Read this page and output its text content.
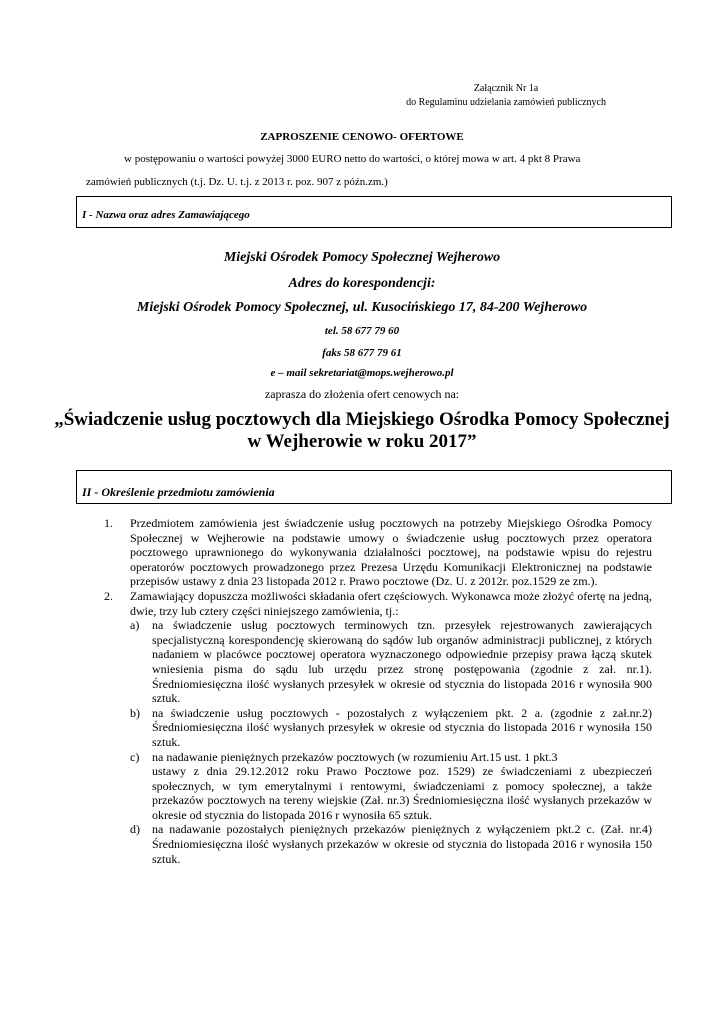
Załącznik Nr 1a
do Regulaminu udzielania zamówień publicznych
ZAPROSZENIE CENOWO- OFERTOWE
w postępowaniu o wartości powyżej 3000 EURO netto do wartości, o której mowa w art. 4 pkt 8 Prawa
zamówień publicznych (t.j. Dz. U. t.j. z 2013 r. poz. 907 z późn.zm.)
I - Nazwa oraz adres Zamawiającego
Miejski Ośrodek Pomocy Społecznej Wejherowo
Adres do korespondencji:
Miejski Ośrodek Pomocy Społecznej, ul. Kusocińskiego 17, 84-200 Wejherowo
tel. 58 677 79 60
faks 58 677 79 61
e – mail sekretariat@mops.wejherowo.pl
zaprasza do złożenia ofert cenowych na:
„Świadczenie usług pocztowych dla Miejskiego Ośrodka Pomocy Społecznej
w Wejherowie w roku 2017”
II - Określenie przedmiotu zamówienia
1.	Przedmiotem zamówienia jest świadczenie usług pocztowych na potrzeby Miejskiego Ośrodka Pomocy Społecznej w Wejherowie na podstawie umowy o świadczenie usług pocztowych przez operatora pocztowego uprawnionego do wykonywania działalności pocztowej, na podstawie wpisu do rejestru operatorów pocztowych prowadzonego przez Prezesa Urzędu Komunikacji Elektronicznej na podstawie przepisów ustawy z dnia 23 listopada 2012 r. Prawo pocztowe (Dz. U. z 2012r. poz.1529 ze zm.).
2.	Zamawiający dopuszcza możliwości składania ofert częściowych. Wykonawca może złożyć ofertę na jedną, dwie, trzy lub cztery części niniejszego zamówienia, tj.:
a)	na świadczenie usług pocztowych terminowych tzn. przesyłek rejestrowanych zawierających specjalistyczną korespondencję skierowaną do sądów lub organów administracji publicznej, z których nadaniem w placówce pocztowej operatora wyznaczonego odpowiednie przepisy prawa łączą skutek wniesienia pisma do sądu lub urzędu przez stronę postępowania (zgodnie z zał. nr.1). Średniomiesięczna ilość wysłanych przesyłek w okresie od stycznia do listopada 2016 r wynosiła 900 sztuk.
b)	na świadczenie usług pocztowych - pozostałych z wyłączeniem pkt. 2 a. (zgodnie z zał.nr.2) Średniomiesięczna ilość wysłanych przesyłek w okresie od stycznia do listopada 2016 r wynosiła 150 sztuk.
c)	na nadawanie pieniężnych przekazów pocztowych (w rozumieniu Art.15 ust. 1 pkt.3
ustawy z dnia 29.12.2012 roku Prawo Pocztowe poz. 1529) ze świadczeniami z ubezpieczeń społecznych, w tym emerytalnymi i rentowymi, świadczeniami z pomocy społecznej, a także przekazów pocztowych na tereny wiejskie (Zał. nr.3) Średniomiesięczna ilość wysłanych przekazów w okresie od stycznia do listopada 2016 r wynosiła 65 sztuk.
d)	na nadawanie pozostałych pieniężnych przekazów pieniężnych z wyłączeniem pkt.2 c. (Zał. nr.4) Średniomiesięczna ilość wysłanych przekazów w okresie od stycznia do listopada 2016 r wynosiła 150 sztuk.
